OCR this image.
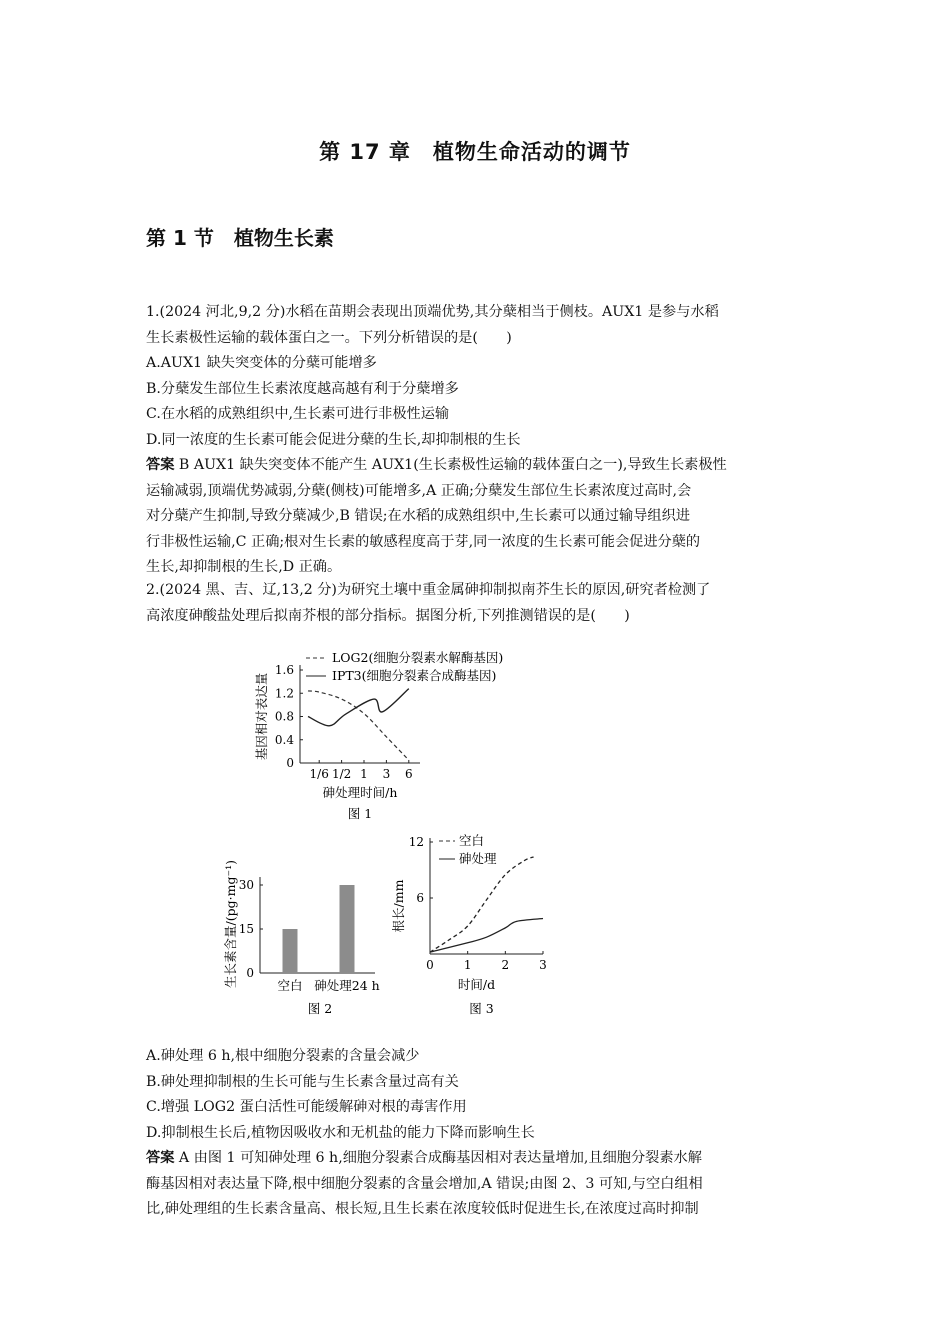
第 17 章　植物生命活动的调节
第 1 节　植物生长素
1.(2024 河北,9,2 分)水稻在苗期会表现出顶端优势,其分蘖相当于侧枝。AUX1 是参与水稻
生长素极性运输的载体蛋白之一。下列分析错误的是(　　)
A.AUX1 缺失突变体的分蘖可能增多
B.分蘖发生部位生长素浓度越高越有利于分蘖增多
C.在水稻的成熟组织中,生长素可进行非极性运输
D.同一浓度的生长素可能会促进分蘖的生长,却抑制根的生长
答案 B AUX1 缺失突变体不能产生 AUX1(生长素极性运输的载体蛋白之一),导致生长素极性
运输减弱,顶端优势减弱,分蘖(侧枝)可能增多,A 正确;分蘖发生部位生长素浓度过高时,会
对分蘖产生抑制,导致分蘖减少,B 错误;在水稻的成熟组织中,生长素可以通过输导组织进
行非极性运输,C 正确;根对生长素的敏感程度高于芽,同一浓度的生长素可能会促进分蘖的
生长,却抑制根的生长,D 正确。
2.(2024 黑、吉、辽,13,2 分)为研究土壤中重金属砷抑制拟南芥生长的原因,研究者检测了
高浓度砷酸盐处理后拟南芥根的部分指标。据图分析,下列推测错误的是(　　)
0
0.4
0.8
1.2
1.6
1/6 1/2 1 3 6
砷处理时间/h
基因相对表达量
LOG2(细胞分裂素水解酶基因)
IPT3(细胞分裂素合成酶基因)
图 1
0
15
30
空白 砷处理24 h
生长素含量/(pg·mg⁻¹)
图 2
6
12
0	1	2	3
时间/d
根长/mm
空白
砷处理
图 3
A.砷处理 6 h,根中细胞分裂素的含量会减少
B.砷处理抑制根的生长可能与生长素含量过高有关
C.增强 LOG2 蛋白活性可能缓解砷对根的毒害作用
D.抑制根生长后,植物因吸收水和无机盐的能力下降而影响生长
答案 A 由图 1 可知砷处理 6 h,细胞分裂素合成酶基因相对表达量增加,且细胞分裂素水解
酶基因相对表达量下降,根中细胞分裂素的含量会增加,A 错误;由图 2、3 可知,与空白组相
比,砷处理组的生长素含量高、根长短,且生长素在浓度较低时促进生长,在浓度过高时抑制
